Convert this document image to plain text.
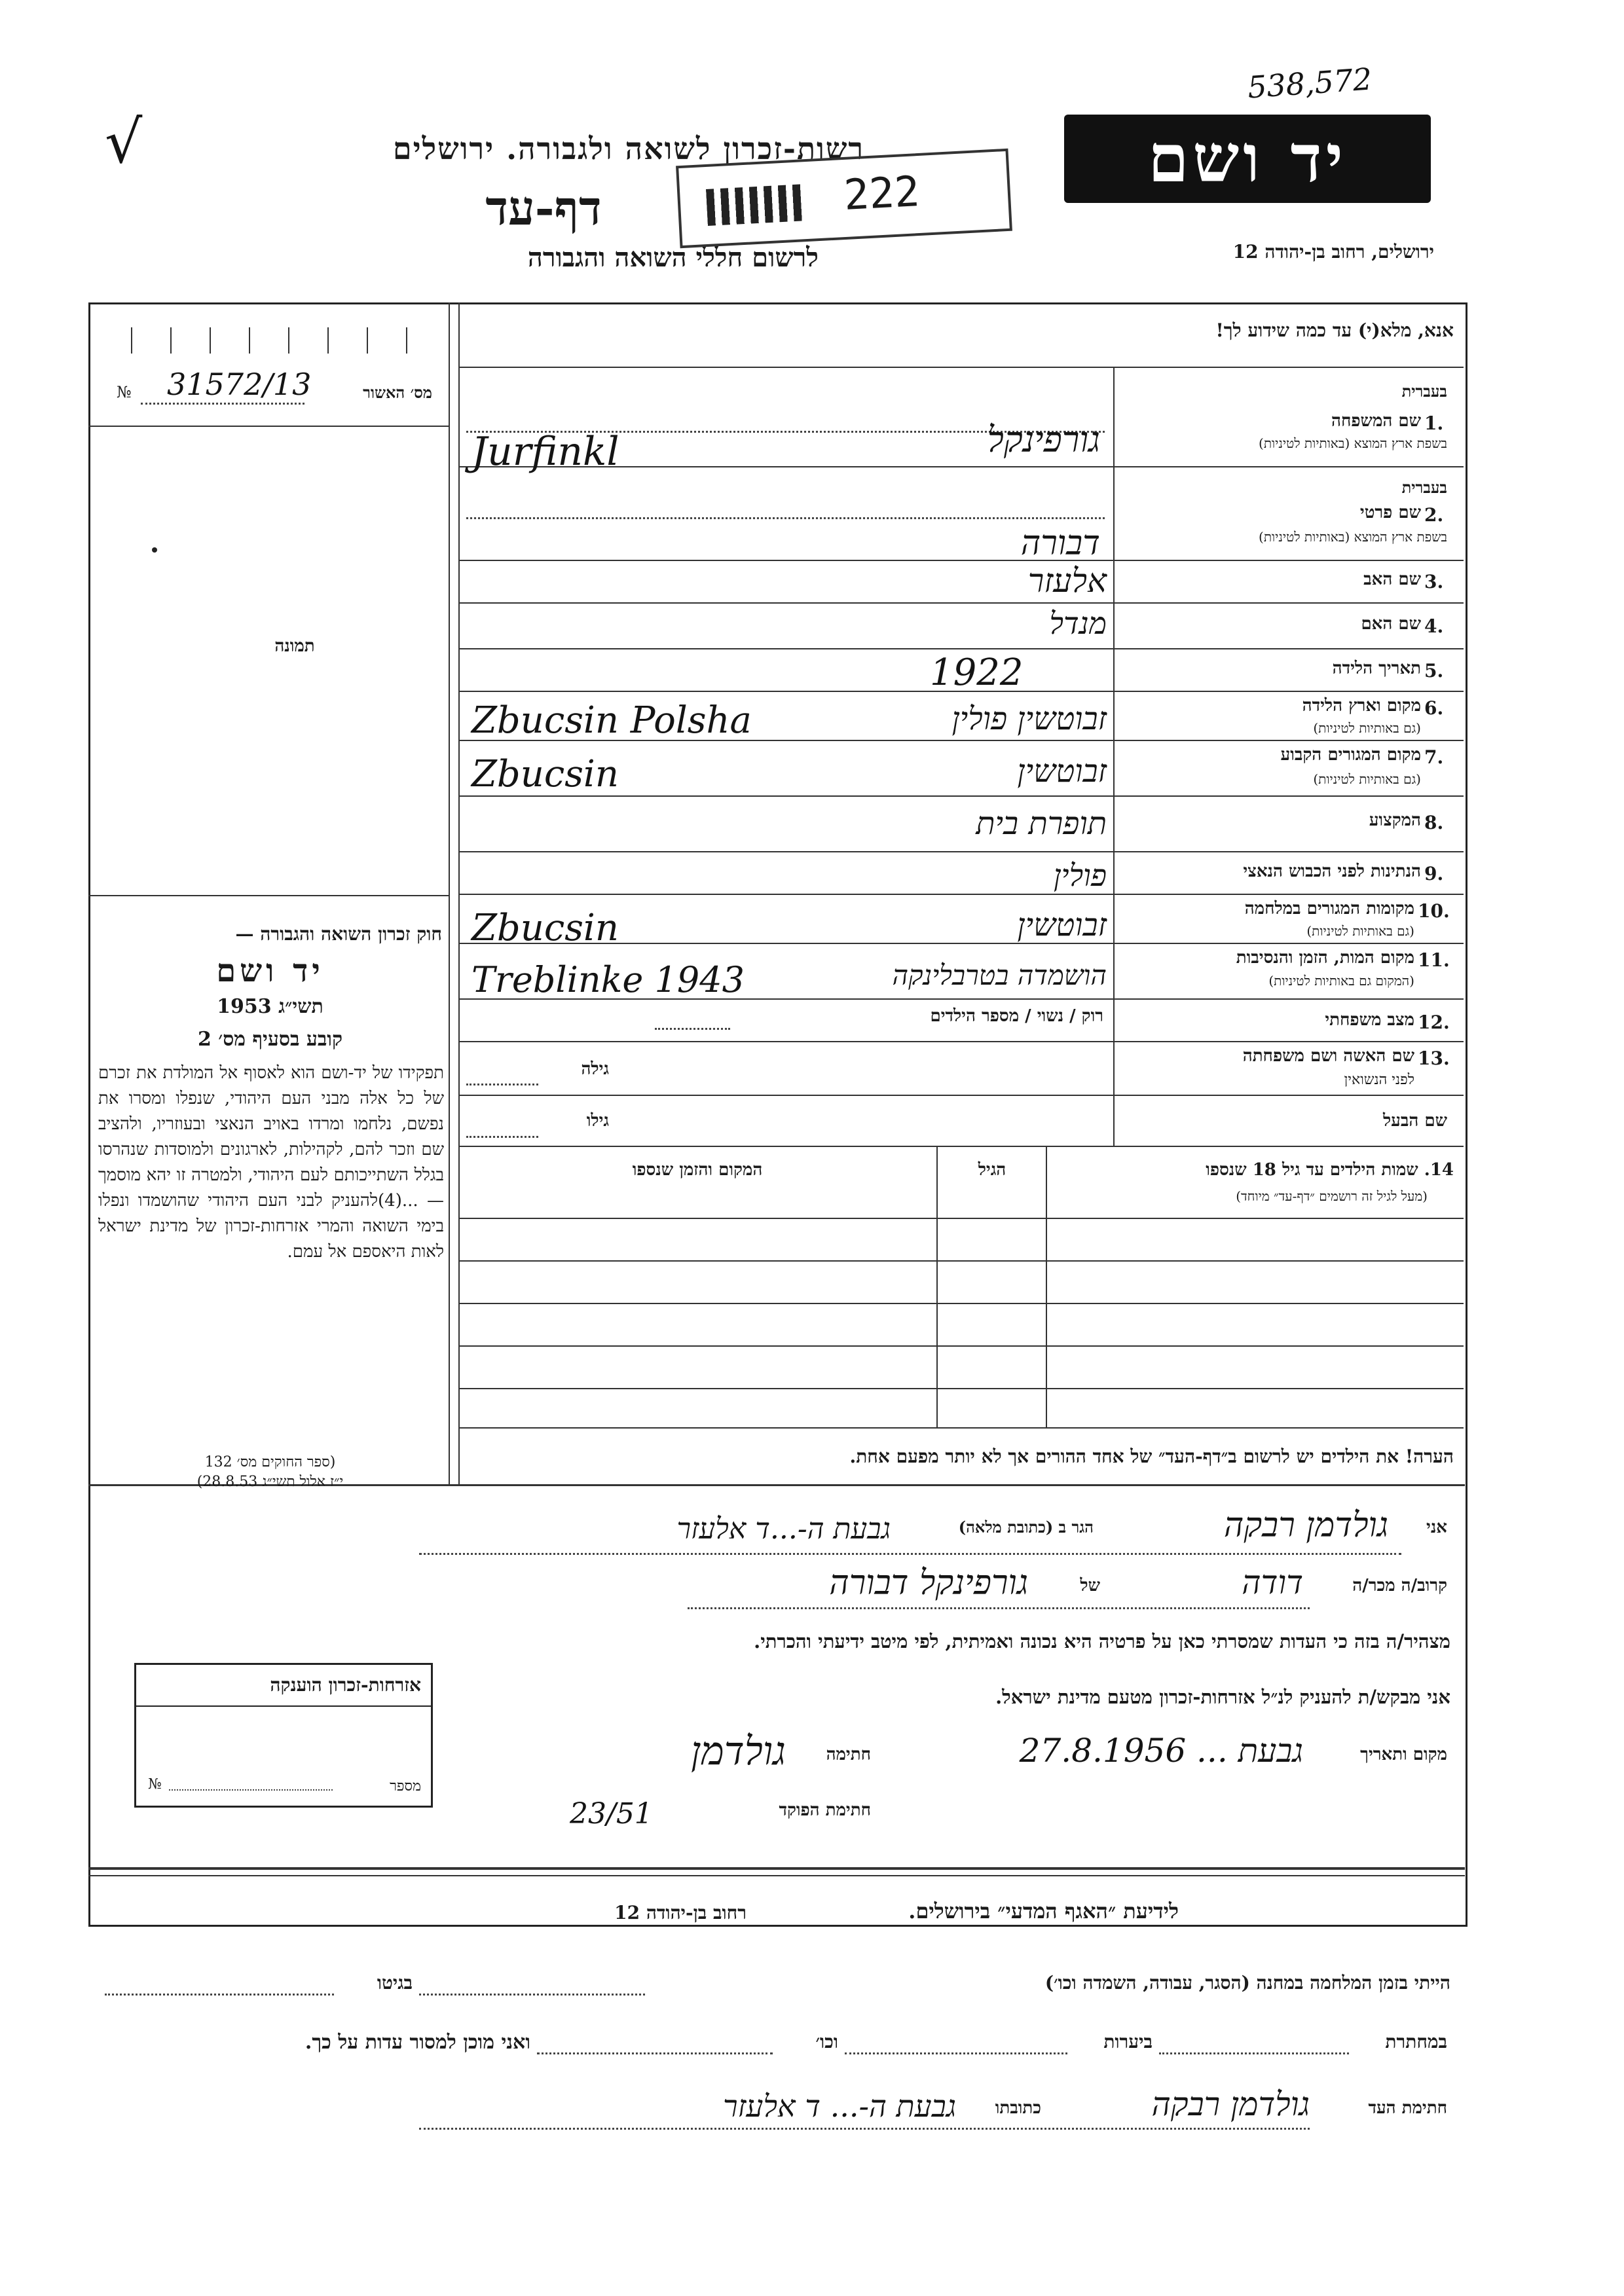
538,572
יד ושם
ירושלים, רחוב בן-יהודה 12
√	רשות-זכרון לשואה ולגבורה. ירושלים
דף-עד
לרשום חללי השואה והגבורה
222
מס׳ האשור
№ 31572/13
תמונה
חוק זכרון השואה והגבורה —
יד ושם
תשי״ג 1953
קובע בסעיף מס׳ 2
תפקידו של יד-ושם הוא לאסוף אל המולדת את זכרם של כל אלה מבני העם היהודי, שנפלו ומסרו את נפשם, נלחמו ומרדו באויב הנאצי ובעוזריו, ולהציב שם וזכר להם, לקהילות, לארגונים ולמוסדות שנהרסו בגלל השתייכותם לעם היהודי, ולמטרה זו יהא מוסמך — ...(4)להעניק לבני העם היהודי שהושמדו ונפלו בימי השואה והמרי אזרחות-זכרון של מדינת ישראל לאות היאספם אל עמם.
(ספר החוקים מס׳ 132
י״ז אלול תשי״ג 28.8.53)
אנא, מלא(י) עד כמה שידוע לך!
בעברית
1.
שם המשפחה
בשפת ארץ המוצא (באותיות לטיניות)
גורפינקל
Jurfinkl
בעברית
2.
שם פרטי
בשפת ארץ המוצא (באותיות לטיניות)
דבורה
3.
שם האב
אלעזר
4.
שם האם
מנדל
5.
תאריך הלידה
1922
6.
מקום וארץ הלידה
(גם באותיות לטיניות)
זבוטשין פולין
Zbucsin Polsha
7.
מקום המגורים הקבוע
(גם באותיות לטיניות)
זבוטשין
Zbucsin
8.
המקצוע
תופרת בית
9.
הנתינות לפני הכבוש הנאצי
פולין
10.
מקומות המגורים במלחמה
(גם באותיות לטיניות)
זבוטשין
Zbucsin
11.
מקום המות, הזמן והנסיבות
(המקום גם באותיות לטיניות)
הושמדה בטרבלינקה
Treblinke 1943
12.
מצב משפחתי
רוק / נשוי / מספר הילדים
13.
שם האשה ושם משפחתה
לפני הנשואין
גילה
שם הבעל
גילו
14. שמות הילדים עד גיל 18 שנספו
(מעל לגיל זה רושמים ״דף-עד״ מיוחד)
הגיל
המקום והזמן שנספו
הערה! את הילדים יש לרשום ב״דף-העד״ של אחד ההורים אך לא יותר מפעם אחת.
אני
גולדמן רבקה
הגר ב (כתובת מלאה)
גבעת ה-...ד אלעזר
קרוב/ה מכר/ה
דודה
של
גורפינקל דבורה
מצהיר/ה בזה כי העדות שמסרתי כאן על פרטיה היא נכונה ואמיתית, לפי מיטב ידיעתי והכרתי.
אני מבקש/ת להעניק לנ״ל אזרחות-זכרון מטעם מדינת ישראל.
מקום ותאריך
גבעת ... 27.8.1956
חתימה
גולדמן
חתימת הפוקד
23/51
אזרחות-זכרון הוענקה
מספר
№
לידיעת ״האגף המדעי״ בירושלים.
רחוב בן-יהודה 12
הייתי בזמן המלחמה במחנה (הסגר, עבודה, השמדה וכו׳)
בגיטו
במחתרת
ביערות
וכו׳
ואני מוכן למסור עדות על כך.
חתימת העד
גולדמן רבקה
כתובתו
גבעת ה-... ד אלעזר
